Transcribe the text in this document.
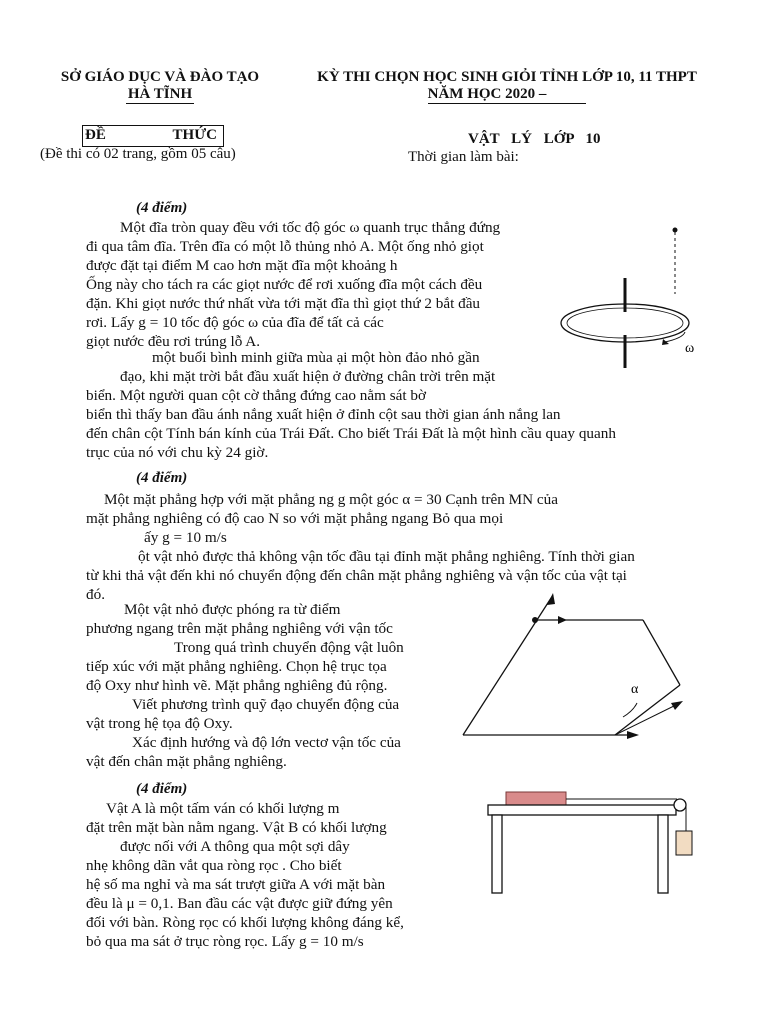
SỞ GIÁO DỤC VÀ ĐÀO TẠO
HÀ TĨNH
KỲ THI CHỌN HỌC SINH GIỎI TỈNH LỚP 10, 11 THPT
NĂM HỌC 2020 –
ĐỀ	THỨC
(Đề thi có 02 trang, gồm 05 câu)
VẬT LÝ LỚP 10
Thời gian làm bài:
(4 điểm)
Một đĩa tròn quay đều với tốc độ góc ω quanh trục thẳng đứng
đi qua tâm đĩa. Trên đĩa có một lỗ thủng nhỏ A. Một ống nhỏ giọt
được đặt tại điểm M cao hơn mặt đĩa một khoảng h
Ống này cho tách ra các giọt nước để rơi xuống đĩa một cách đều
đặn. Khi giọt nước thứ nhất vừa tới mặt đĩa thì giọt thứ 2 bắt đầu
rơi. Lấy g = 10 tốc độ góc ω của đĩa để tất cả các
giọt nước đều rơi trúng lỗ A.
một buổi bình minh giữa mùa ại một hòn đảo nhỏ gần
đạo, khi mặt trời bắt đầu xuất hiện ở đường chân trời trên mặt
biển. Một người quan cột cờ thẳng đứng cao nằm sát bờ
biển thì thấy ban đầu ánh nắng xuất hiện ở đỉnh cột sau thời gian ánh nắng lan
đến chân cột Tính bán kính của Trái Đất. Cho biết Trái Đất là một hình cầu quay quanh
trục của nó với chu kỳ 24 giờ.
ω
(4 điểm)
Một mặt phẳng hợp với mặt phẳng ng g một góc α = 30 Cạnh trên MN của
mặt phẳng nghiêng có độ cao N so với mặt phẳng ngang Bỏ qua mọi
ấy g = 10 m/s
ột vật nhỏ được thả không vận tốc đầu tại đỉnh mặt phẳng nghiêng. Tính thời gian
từ khi thả vật đến khi nó chuyển động đến chân mặt phẳng nghiêng và vận tốc của vật tại
đó.
Một vật nhỏ được phóng ra từ điểm
phương ngang trên mặt phẳng nghiêng với vận tốc
Trong quá trình chuyển động vật luôn
tiếp xúc với mặt phẳng nghiêng. Chọn hệ trục tọa
độ Oxy như hình vẽ. Mặt phẳng nghiêng đủ rộng.
Viết phương trình quỹ đạo chuyển động của
vật trong hệ tọa độ Oxy.
Xác định hướng và độ lớn vectơ vận tốc của
vật đến chân mặt phẳng nghiêng.
α
(4 điểm)
Vật A là một tấm ván có khối lượng m
đặt trên mặt bàn nằm ngang. Vật B có khối lượng
được nối với A thông qua một sợi dây
nhẹ không dãn vắt qua ròng rọc . Cho biết
hệ số ma nghỉ và ma sát trượt giữa A với mặt bàn
đều là μ = 0,1. Ban đầu các vật được giữ đứng yên
đối với bàn. Ròng rọc có khối lượng không đáng kể,
bỏ qua ma sát ở trục ròng rọc. Lấy g = 10 m/s
